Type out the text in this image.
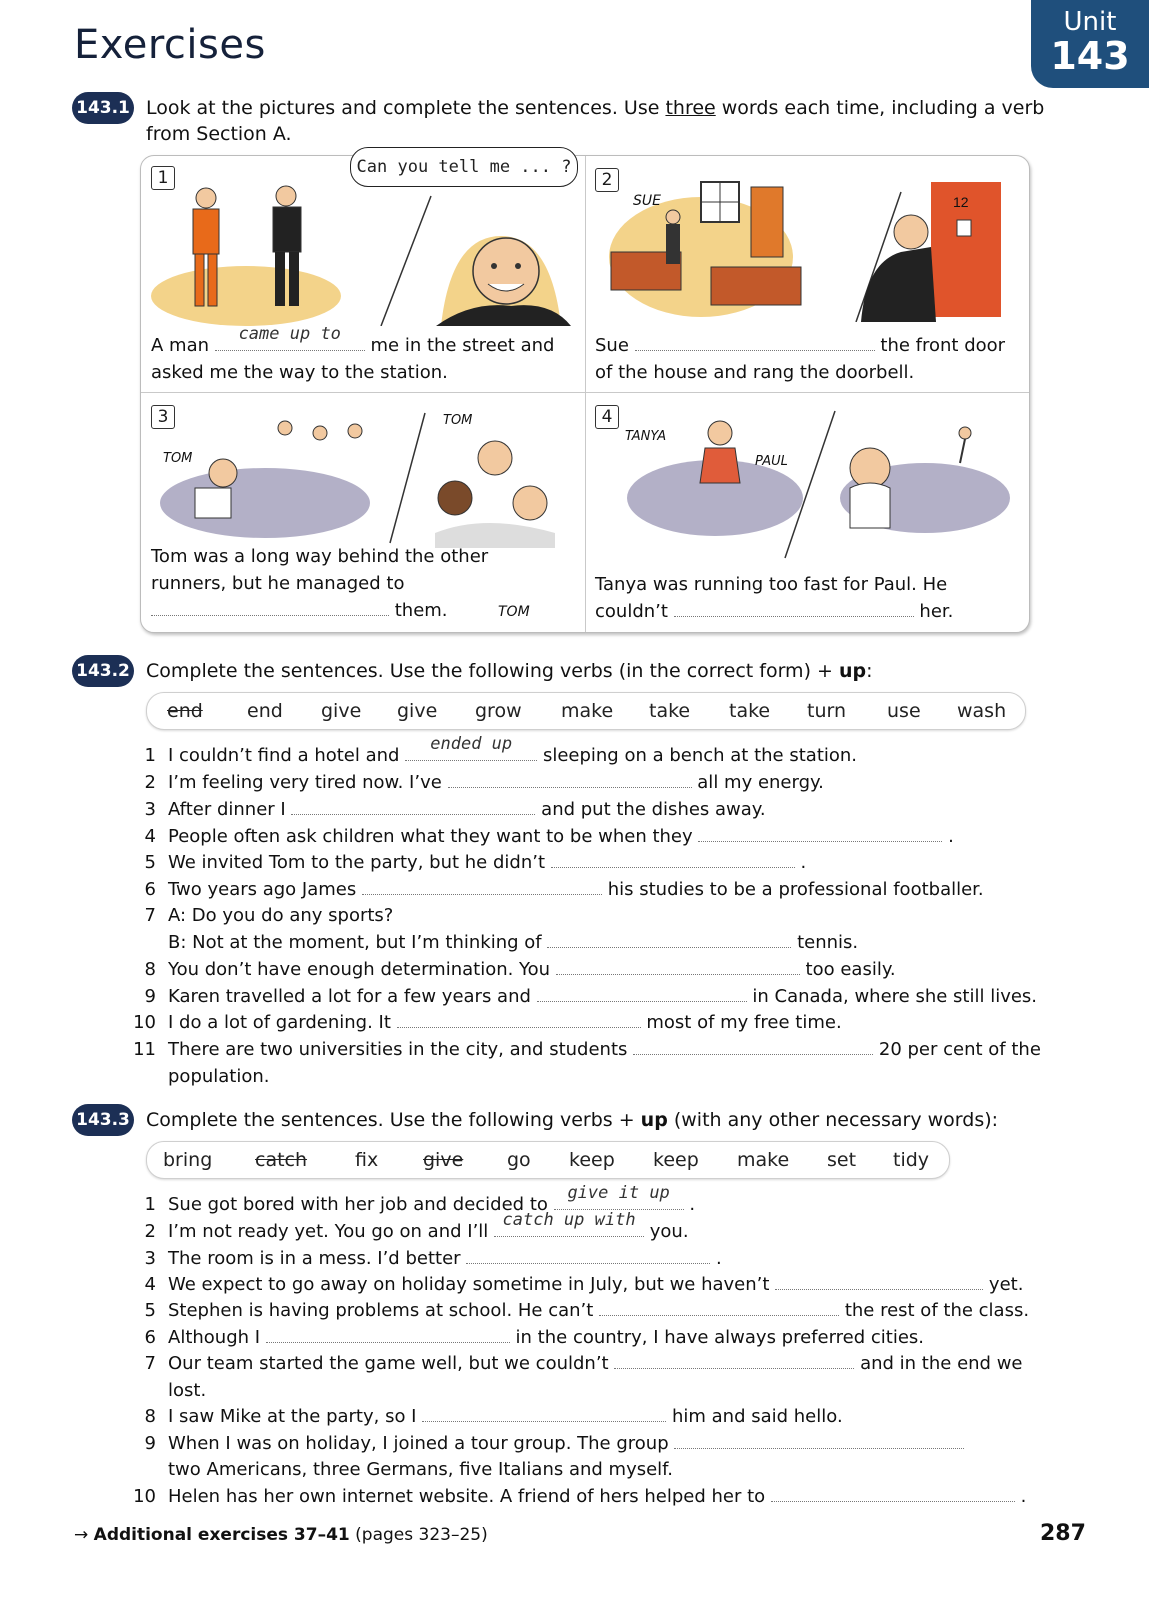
Exercises	Unit
143
143.1 Look at the pictures and complete the sentences. Use three words each time, including a verb
from Section A.
1
A man
came up to
me in the street and
asked me the way to the station.
2
12
SUE
Sue	the front door
of the house and rang the doorbell.
3
TOM
TOM
Tom was a long way behind the other
runners, but he managed to
them.	TOM
4
TANYA
PAUL
Tanya was running too fast for Paul. He
couldn’t	her.
Can you tell me ... ?
143.2 Complete the sentences. Use the following verbs (in the correct form) + up:
end end give give grow make take take turn use wash
1 I couldn’t find a hotel and
ended up
sleeping on a bench at the station.
2 I’m feeling very tired now. I’ve	all my energy.
3 After dinner I	and put the dishes away.
4 People often ask children what they want to be when they	.
5 We invited Tom to the party, but he didn’t	.
6 Two years ago James	his studies to be a professional footballer.
7 A: Do you do any sports?
B: Not at the moment, but I’m thinking of	tennis.
8 You don’t have enough determination. You	too easily.
9 Karen travelled a lot for a few years and	in Canada, where she still lives.
10 I do a lot of gardening. It	most of my free time.
11 There are two universities in the city, and students	20 per cent of the
population.
143.3 Complete the sentences. Use the following verbs + up (with any other necessary words):
bring catch	fix give go keep keep make set tidy
1 Sue got bored with her job and decided to
give it up
.
2 I’m not ready yet. You go on and I’ll
catch up with
you.
3 The room is in a mess. I’d better	.
4 We expect to go away on holiday sometime in July, but we haven’t	yet.
5 Stephen is having problems at school. He can’t	the rest of the class.
6 Although I	in the country, I have always preferred cities.
7 Our team started the game well, but we couldn’t	and in the end we
lost.
8 I saw Mike at the party, so I	him and said hello.
9 When I was on holiday, I joined a tour group. The group
two Americans, three Germans, five Italians and myself.
10 Helen has her own internet website. A friend of hers helped her to	.
→ Additional exercises 37–41 (pages 323–25)	287
